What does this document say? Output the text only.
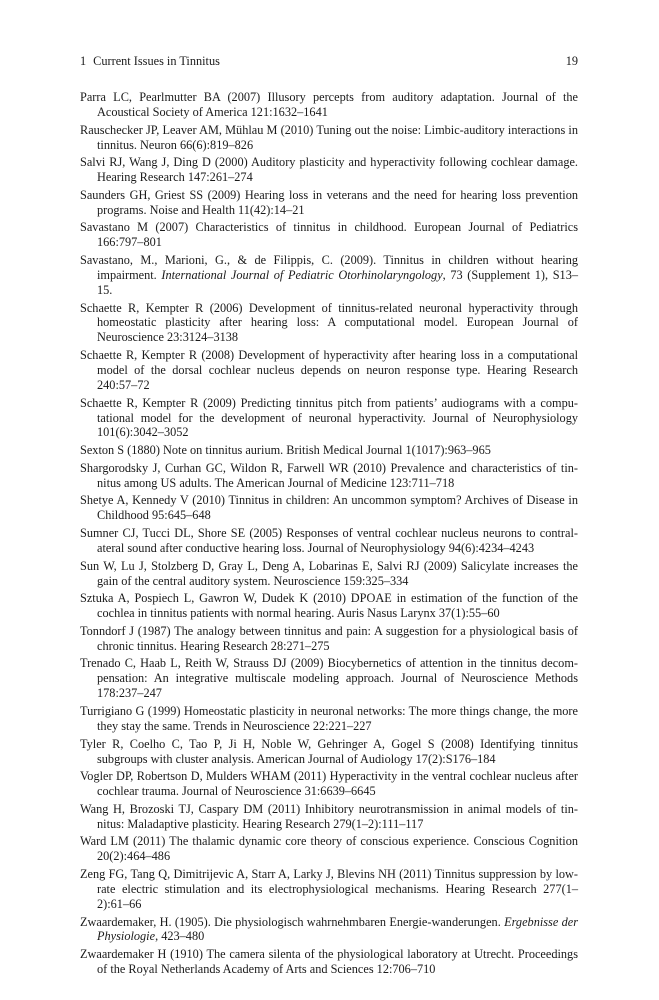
1 Current Issues in Tinnitus	19
Parra LC, Pearlmutter BA (2007) Illusory percepts from auditory adaptation. Journal of the Acoustical Society of America 121:1632–1641
Rauschecker JP, Leaver AM, Mühlau M (2010) Tuning out the noise: Limbic-auditory interactions in tinnitus. Neuron 66(6):819–826
Salvi RJ, Wang J, Ding D (2000) Auditory plasticity and hyperactivity following cochlear damage. Hearing Research 147:261–274
Saunders GH, Griest SS (2009) Hearing loss in veterans and the need for hearing loss prevention programs. Noise and Health 11(42):14–21
Savastano M (2007) Characteristics of tinnitus in childhood. European Journal of Pediatrics 166:797–801
Savastano, M., Marioni, G., & de Filippis, C. (2009). Tinnitus in children without hearing impairment. International Journal of Pediatric Otorhinolaryngology, 73 (Supplement 1), S13–15.
Schaette R, Kempter R (2006) Development of tinnitus-related neuronal hyperactivity through homeostatic plasticity after hearing loss: A computational model. European Journal of Neuroscience 23:3124–3138
Schaette R, Kempter R (2008) Development of hyperactivity after hearing loss in a computational model of the dorsal cochlear nucleus depends on neuron response type. Hearing Research 240:57–72
Schaette R, Kempter R (2009) Predicting tinnitus pitch from patients’ audiograms with a computational model for the development of neuronal hyperactivity. Journal of Neurophysiology 101(6):3042–3052
Sexton S (1880) Note on tinnitus aurium. British Medical Journal 1(1017):963–965
Shargorodsky J, Curhan GC, Wildon R, Farwell WR (2010) Prevalence and characteristics of tinnitus among US adults. The American Journal of Medicine 123:711–718
Shetye A, Kennedy V (2010) Tinnitus in children: An uncommon symptom? Archives of Disease in Childhood 95:645–648
Sumner CJ, Tucci DL, Shore SE (2005) Responses of ventral cochlear nucleus neurons to contralateral sound after conductive hearing loss. Journal of Neurophysiology 94(6):4234–4243
Sun W, Lu J, Stolzberg D, Gray L, Deng A, Lobarinas E, Salvi RJ (2009) Salicylate increases the gain of the central auditory system. Neuroscience 159:325–334
Sztuka A, Pospiech L, Gawron W, Dudek K (2010) DPOAE in estimation of the function of the cochlea in tinnitus patients with normal hearing. Auris Nasus Larynx 37(1):55–60
Tonndorf J (1987) The analogy between tinnitus and pain: A suggestion for a physiological basis of chronic tinnitus. Hearing Research 28:271–275
Trenado C, Haab L, Reith W, Strauss DJ (2009) Biocybernetics of attention in the tinnitus decompensation: An integrative multiscale modeling approach. Journal of Neuroscience Methods 178:237–247
Turrigiano G (1999) Homeostatic plasticity in neuronal networks: The more things change, the more they stay the same. Trends in Neuroscience 22:221–227
Tyler R, Coelho C, Tao P, Ji H, Noble W, Gehringer A, Gogel S (2008) Identifying tinnitus subgroups with cluster analysis. American Journal of Audiology 17(2):S176–184
Vogler DP, Robertson D, Mulders WHAM (2011) Hyperactivity in the ventral cochlear nucleus after cochlear trauma. Journal of Neuroscience 31:6639–6645
Wang H, Brozoski TJ, Caspary DM (2011) Inhibitory neurotransmission in animal models of tinnitus: Maladaptive plasticity. Hearing Research 279(1–2):111–117
Ward LM (2011) The thalamic dynamic core theory of conscious experience. Conscious Cognition 20(2):464–486
Zeng FG, Tang Q, Dimitrijevic A, Starr A, Larky J, Blevins NH (2011) Tinnitus suppression by low-rate electric stimulation and its electrophysiological mechanisms. Hearing Research 277(1–2):61–66
Zwaardemaker, H. (1905). Die physiologisch wahrnehmbaren Energie-wanderungen. Ergebnisse der Physiologie, 423–480
Zwaardemaker H (1910) The camera silenta of the physiological laboratory at Utrecht. Proceedings of the Royal Netherlands Academy of Arts and Sciences 12:706–710
